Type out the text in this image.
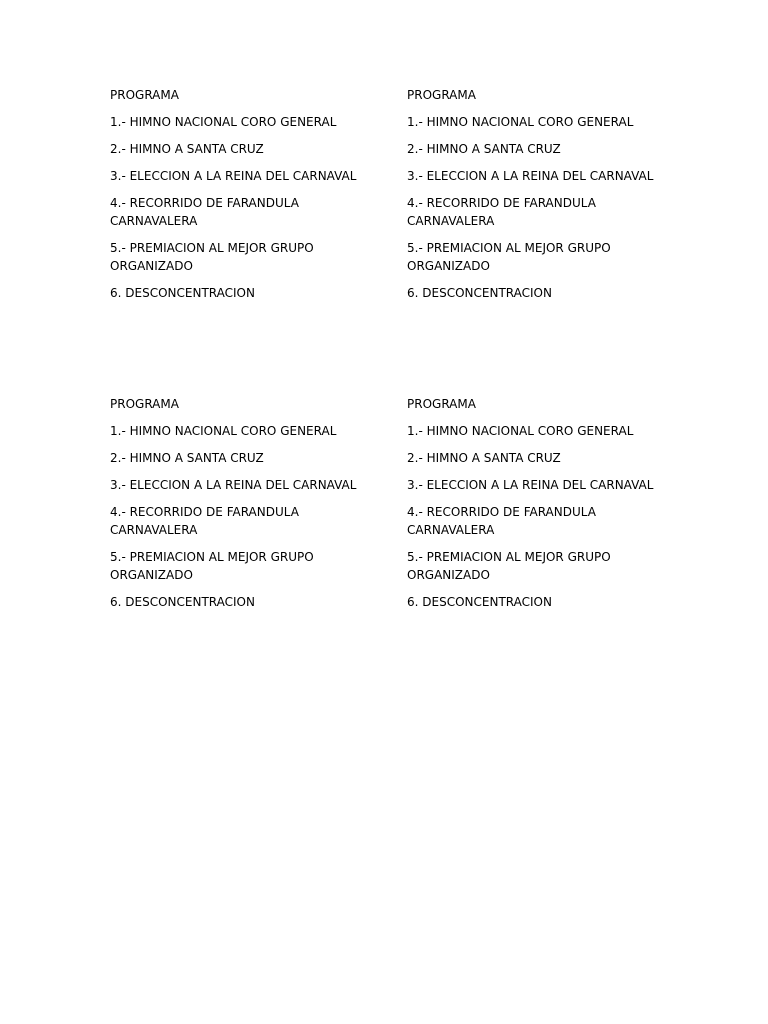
PROGRAMA

1.- HIMNO NACIONAL CORO GENERAL

2.- HIMNO A SANTA CRUZ

3.- ELECCION A LA REINA DEL CARNAVAL

4.- RECORRIDO DE FARANDULA CARNAVALERA

5.- PREMIACION AL MEJOR GRUPO ORGANIZADO

6. DESCONCENTRACION

PROGRAMA

1.- HIMNO NACIONAL CORO GENERAL

2.- HIMNO A SANTA CRUZ

3.- ELECCION A LA REINA DEL CARNAVAL

4.- RECORRIDO DE FARANDULA CARNAVALERA

5.- PREMIACION AL MEJOR GRUPO ORGANIZADO

6. DESCONCENTRACION

PROGRAMA

1.- HIMNO NACIONAL CORO GENERAL

2.- HIMNO A SANTA CRUZ

3.- ELECCION A LA REINA DEL CARNAVAL

4.- RECORRIDO DE FARANDULA CARNAVALERA

5.- PREMIACION AL MEJOR GRUPO ORGANIZADO

6. DESCONCENTRACION

PROGRAMA

1.- HIMNO NACIONAL CORO GENERAL

2.- HIMNO A SANTA CRUZ

3.- ELECCION A LA REINA DEL CARNAVAL

4.- RECORRIDO DE FARANDULA CARNAVALERA

5.- PREMIACION AL MEJOR GRUPO ORGANIZADO

6. DESCONCENTRACION
